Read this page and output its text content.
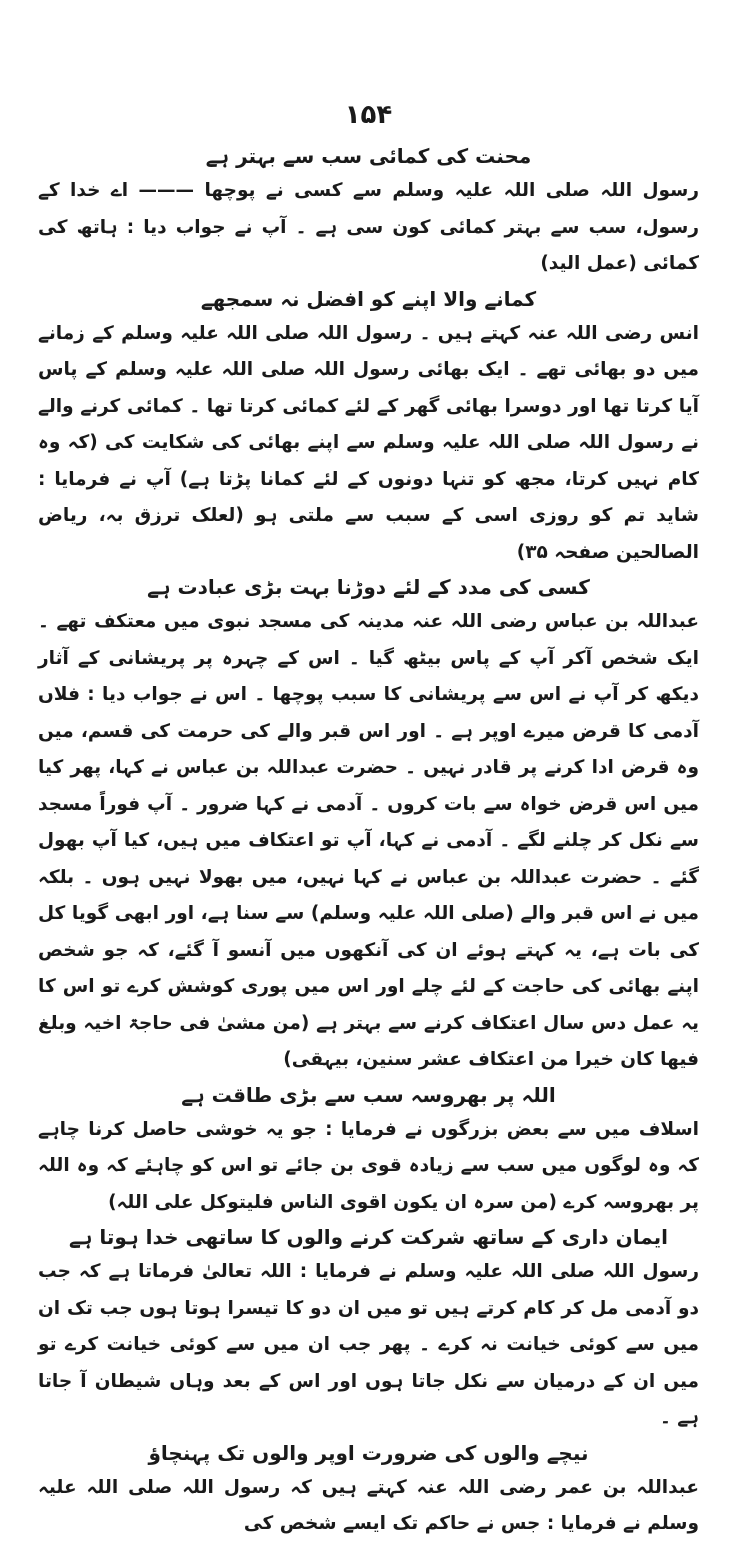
۱۵۴
محنت کی کمائی سب سے بہتر ہے
رسول اللہ صلی اللہ علیہ وسلم سے کسی نے پوچھا ——— اے خدا کے رسول، سب سے بہتر کمائی کون سی ہے ۔ آپ نے جواب دیا : ہاتھ کی کمائی (عمل الید)
کمانے والا اپنے کو افضل نہ سمجھے
انس رضی اللہ عنہ کہتے ہیں ۔ رسول اللہ صلی اللہ علیہ وسلم کے زمانے میں دو بھائی تھے ۔ ایک بھائی رسول اللہ صلی اللہ علیہ وسلم کے پاس آیا کرتا تھا اور دوسرا بھائی گھر کے لئے کمائی کرتا تھا ۔ کمائی کرنے والے نے رسول اللہ صلی اللہ علیہ وسلم سے اپنے بھائی کی شکایت کی (کہ وہ کام نہیں کرتا، مجھ کو تنہا دونوں کے لئے کمانا پڑتا ہے) آپ نے فرمایا : شاید تم کو روزی اسی کے سبب سے ملتی ہو (لعلک ترزق بہ، ریاض الصالحین صفحہ ۳۵)
کسی کی مدد کے لئے دوڑنا بہت بڑی عبادت ہے
عبداللہ بن عباس رضی اللہ عنہ مدینہ کی مسجد نبوی میں معتکف تھے ۔ ایک شخص آکر آپ کے پاس بیٹھ گیا ۔ اس کے چہرہ پر پریشانی کے آثار دیکھ کر آپ نے اس سے پریشانی کا سبب پوچھا ۔ اس نے جواب دیا : فلاں آدمی کا قرض میرے اوپر ہے ۔ اور اس قبر والے کی حرمت کی قسم، میں وہ قرض ادا کرنے پر قادر نہیں ۔ حضرت عبداللہ بن عباس نے کہا، پھر کیا میں اس قرض خواہ سے بات کروں ۔ آدمی نے کہا ضرور ۔ آپ فوراً مسجد سے نکل کر چلنے لگے ۔ آدمی نے کہا، آپ تو اعتکاف میں ہیں، کیا آپ بھول گئے ۔ حضرت عبداللہ بن عباس نے کہا نہیں، میں بھولا نہیں ہوں ۔ بلکہ میں نے اس قبر والے (صلی اللہ علیہ وسلم) سے سنا ہے، اور ابھی گویا کل کی بات ہے، یہ کہتے ہوئے ان کی آنکھوں میں آنسو آ گئے، کہ جو شخص اپنے بھائی کی حاجت کے لئے چلے اور اس میں پوری کوشش کرے تو اس کا یہ عمل دس سال اعتکاف کرنے سے بہتر ہے (من مشیٰ فی حاجۃ اخیہ وبلغ فیھا کان خیرا من اعتکاف عشر سنین، بیہقی)
اللہ پر بھروسہ سب سے بڑی طاقت ہے
اسلاف میں سے بعض بزرگوں نے فرمایا : جو یہ خوشی حاصل کرنا چاہے کہ وہ لوگوں میں سب سے زیادہ قوی بن جائے تو اس کو چاہئے کہ وہ اللہ پر بھروسہ کرے (من سرہ ان یکون اقوی الناس فلیتوکل علی اللہ)
ایمان داری کے ساتھ شرکت کرنے والوں کا ساتھی خدا ہوتا ہے
رسول اللہ صلی اللہ علیہ وسلم نے فرمایا : اللہ تعالیٰ فرماتا ہے کہ جب دو آدمی مل کر کام کرتے ہیں تو میں ان دو کا تیسرا ہوتا ہوں جب تک ان میں سے کوئی خیانت نہ کرے ۔ پھر جب ان میں سے کوئی خیانت کرے تو میں ان کے درمیان سے نکل جاتا ہوں اور اس کے بعد وہاں شیطان آ جاتا ہے ۔
نیچے والوں کی ضرورت اوپر والوں تک پہنچاؤ
عبداللہ بن عمر رضی اللہ عنہ کہتے ہیں کہ رسول اللہ صلی اللہ علیہ وسلم نے فرمایا : جس نے حاکم تک ایسے شخص کی
